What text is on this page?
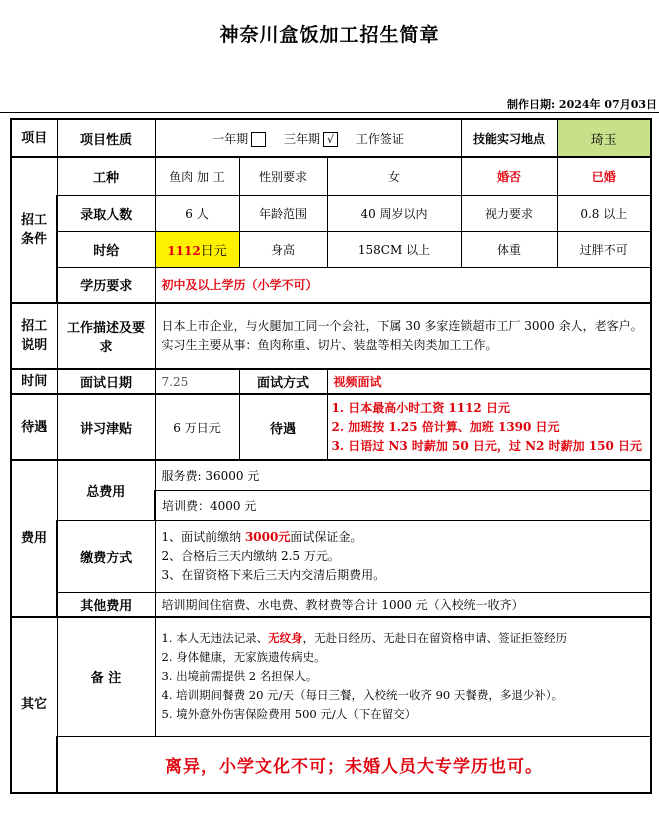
神奈川盒饭加工招生简章
制作日期: 2024年 07月03日
项目	项目性质	一年期 三年期 √ 工作签证			技能实习地点	琦玉
招工条件	工种	鱼肉 加 工	性别要求	女	婚否	已婚
	录取人数	6 人	年龄范围	40 周岁以内	视力要求	0.8 以上
	时给	1112日元	身高	158CM 以上	体重	过胖不可
	学历要求	初中及以上学历（小学不可）				
招工说明	工作描述及要求	日本上市企业，与火腿加工同一个会社，下属 30 多家连锁超市工厂 3000 余人，老客户。
实习生主要从事：鱼肉称重、切片、装盘等相关肉类加工工作。				

时间	面试日期	7.25	面试方式	视频面试		
待遇	讲习津贴	6 万日元	待遇	1. 日本最高小时工资 1112 日元
2. 加班按 1.25 倍计算、加班 1390 日元
3. 日语过 N3 时薪加 50 日元，过 N2 时薪加 150 日元		

费用	总费用	服务费: 36000 元				
		培训费：4000 元				
	缴费方式	1、面试前缴纳 3000元面试保证金。
2、合格后三天内缴纳 2.5 万元。
3、在留资格下来后三天内交清后期费用。				

	其他费用	培训期间住宿费、水电费、教材费等合计 1000 元（入校统一收齐）				
其它	备 注	1. 本人无违法记录、无纹身，无赴日经历、无赴日在留资格申请、签证拒签经历
2. 身体健康，无家族遗传病史。
3. 出境前需提供 2 名担保人。
4. 培训期间餐费 20 元/天（每日三餐，入校统一收齐 90 天餐费，多退少补）。
5. 境外意外伤害保险费用 500 元/人（下在留交）				

	离异，小学文化不可；未婚人员大专学历也可。					
